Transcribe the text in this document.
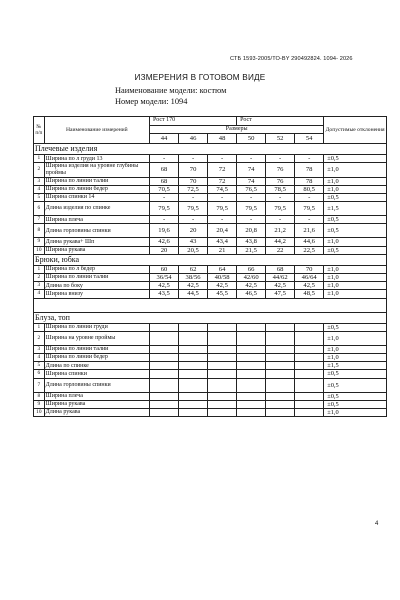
СТБ 1593-2005/ТО-BY 290492824. 1094- 2026
ИЗМЕРЕНИЯ В ГОТОВОМ ВИДЕ
Наименование модели: костюм
Номер модели: 1094
№ п/п	Наименование измерений	Рост 170			Рост			Допустимые отклонения
		Размеры						
		44	46	48	50	52	54	
Плечевые изделия								
1	Ширина по л груди 13	-	-	-	-	-	-	±0,5
2	Ширина изделия на уровне глубины проймы	68	70	72	74	76	78	±1,0
3	Ширина по линии талии	68	70	72	74	76	78	±1,0
4	Ширина по линии бедер	70,5	72,5	74,5	76,5	78,5	80,5	±1,0
5	Ширина спинки 14	-	-	-	-	-	-	±0,5
6	Длина изделия по спинке	79,5	79,5	79,5	79,5	79,5	79,5	±1,5
7	Ширина плеча	-	-	-	-	-	-	±0,5
8	Длина горловины спинки	19,6	20	20,4	20,8	21,2	21,6	±0,5
9	Длина рукава+ Шп	42,6	43	43,4	43,8	44,2	44,6	±1,0
10	Ширина рукава	20	20,5	21	21,5	22	22,5	±0,5
Брюки, юбка								
1	Ширина по л бедер	60	62	64	66	68	70	±1,0
2	Ширина по линии талии	36/54	38/56	40/58	42/60	44/62	46/64	±1,0
3	Длина по боку	42,5	42,5	42,5	42,5	42,5	42,5	±1,0
4	Ширина внизу	43,5	44,5	45,5	46,5	47,5	48,5	±1,0

Блуза, топ								
1	Ширина по линии груди							±0,5
2	Ширина на уровне проймы							±1,0
3	Ширина по линии талии							±1,0
4	Ширина по линии бедер							±1,0
5	Длина по спинке							±1,5
6	Ширина спинки							±0,5
7	Длина горловины спинки							±0,5
8	Ширина плеча							±0,5
9	Ширина рукава							±0,5
10	Длина рукава							±1,0
4
